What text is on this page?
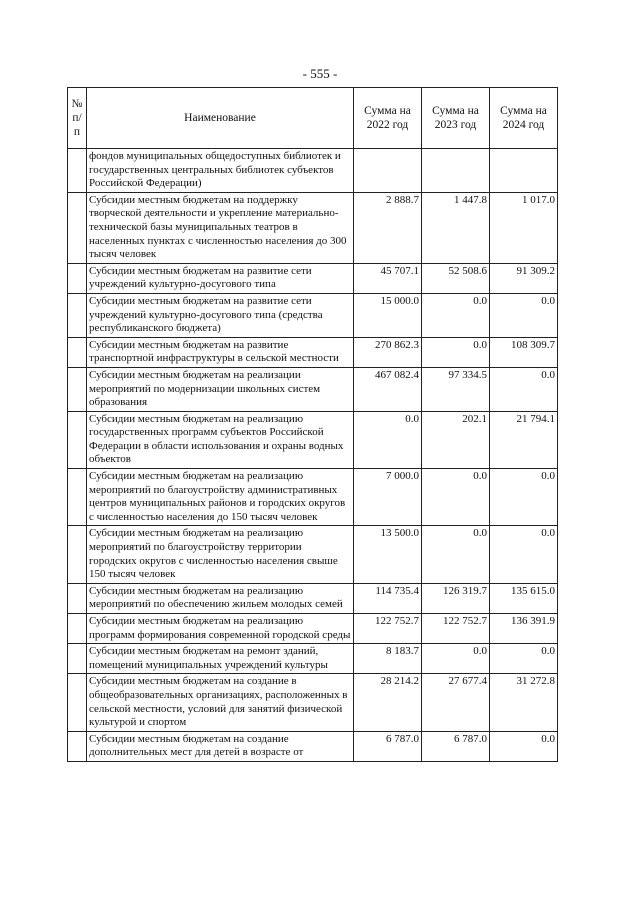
- 555 -
№ п/п	Наименование	Сумма на 2022 год	Сумма на 2023 год	Сумма на 2024 год
	фондов муниципальных общедоступных библиотек и государственных центральных библиотек субъектов Российской Федерации)			
	Субсидии местным бюджетам на поддержку творческой деятельности и укрепление материально-технической базы муниципальных театров в населенных пунктах с численностью населения до 300 тысяч человек	2 888.7	1 447.8	1 017.0
	Субсидии местным бюджетам на развитие сети учреждений культурно-досугового типа	45 707.1	52 508.6	91 309.2
	Субсидии местным бюджетам на развитие сети учреждений культурно-досугового типа (средства республиканского бюджета)	15 000.0	0.0	0.0
	Субсидии местным бюджетам на развитие транспортной инфраструктуры в сельской местности	270 862.3	0.0	108 309.7
	Субсидии местным бюджетам на реализации мероприятий по модернизации школьных систем образования	467 082.4	97 334.5	0.0
	Субсидии местным бюджетам на реализацию государственных программ субъектов Российской Федерации в области использования и охраны водных объектов	0.0	202.1	21 794.1
	Субсидии местным бюджетам на реализацию мероприятий по благоустройству административных центров муниципальных районов и городских округов с численностью населения до 150 тысяч человек	7 000.0	0.0	0.0
	Субсидии местным бюджетам на реализацию мероприятий по благоустройству территории городских округов с численностью населения свыше 150 тысяч человек	13 500.0	0.0	0.0
	Субсидии местным бюджетам на реализацию мероприятий по обеспечению жильем молодых семей	114 735.4	126 319.7	135 615.0
	Субсидии местным бюджетам на реализацию программ формирования современной городской среды	122 752.7	122 752.7	136 391.9
	Субсидии местным бюджетам на ремонт зданий, помещений муниципальных учреждений культуры	8 183.7	0.0	0.0
	Субсидии местным бюджетам на создание в общеобразовательных организациях, расположенных в сельской местности, условий для занятий физической культурой и спортом	28 214.2	27 677.4	31 272.8
	Субсидии местным бюджетам на создание дополнительных мест для детей в возрасте от	6 787.0	6 787.0	0.0
